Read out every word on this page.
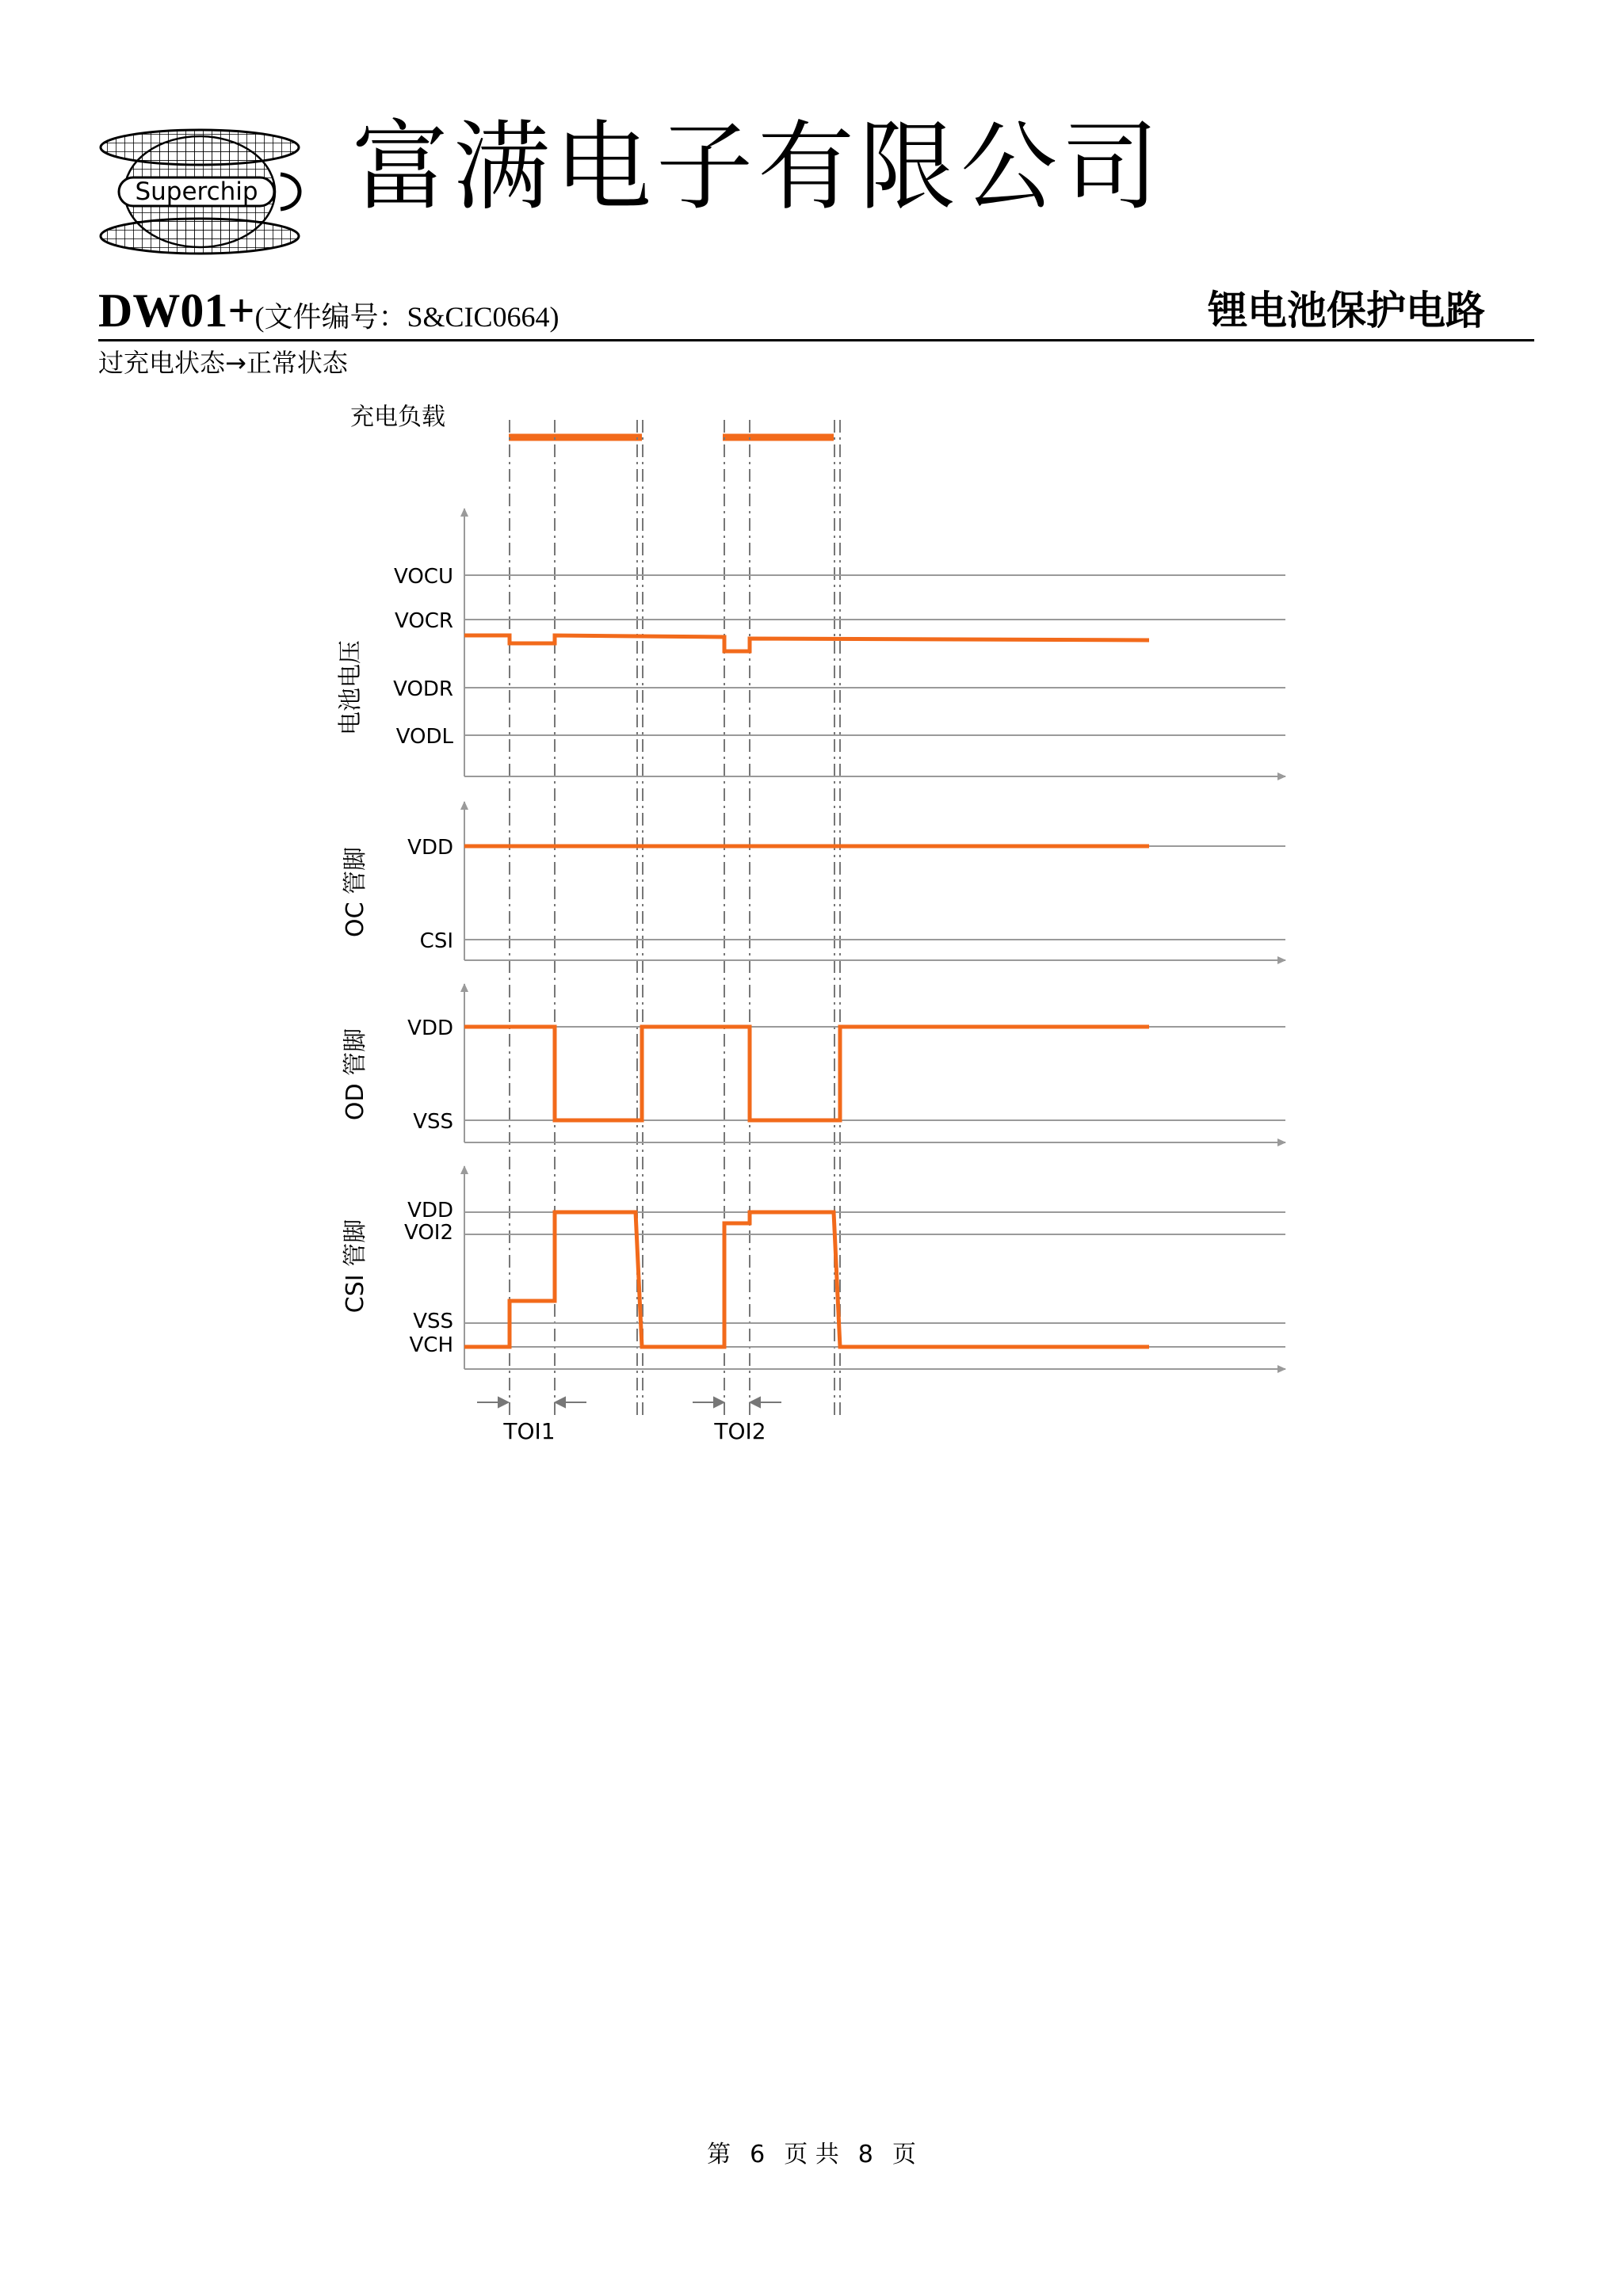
Superchip 富满电子有限公司
DW01+(文件编号：S&CIC0664)	锂电池保护电路
过充电状态→正常状态
充电负载
VOCU
VOCR
VODR
VODL
电池电压
VDD
CSI
OC 管脚
VDD
VSS
OD 管脚
VDD
VOI2
VSS
VCH
CSI 管脚
TOI1	TOI2
第 6 页 共 8 页
